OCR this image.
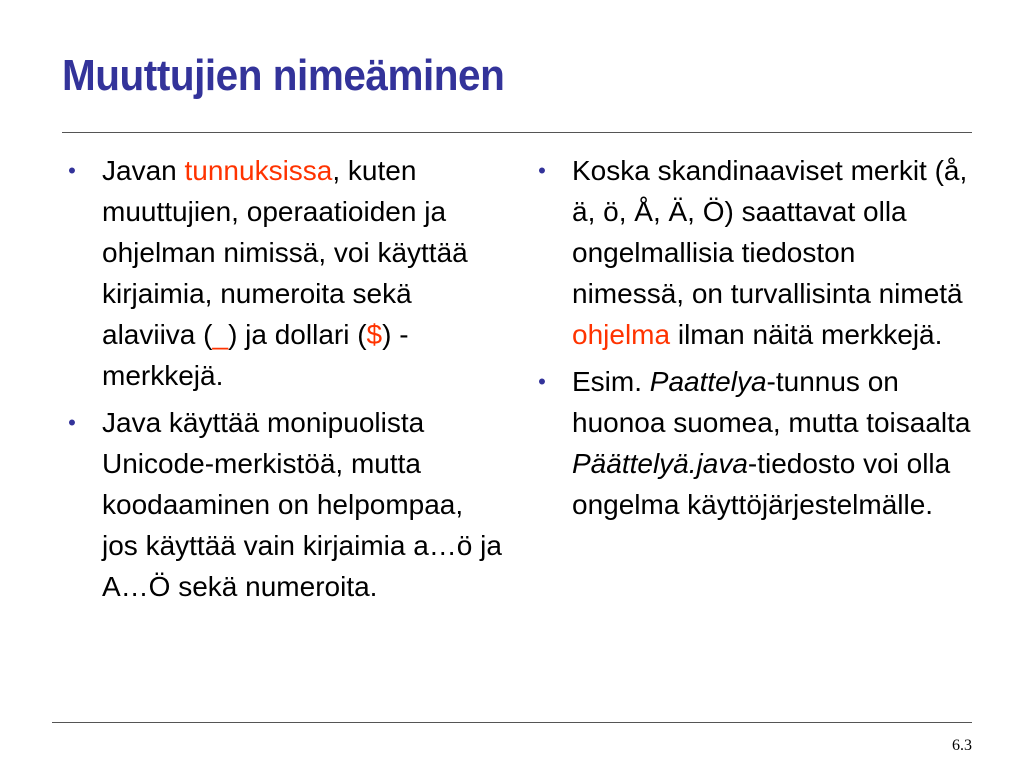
Muuttujien nimeäminen
• Javan tunnuksissa, kuten muuttujien, operaatioiden ja ohjelman nimissä, voi käyttää kirjaimia, numeroita sekä alaviiva (_) ja dollari ($) -merkkejä.
• Java käyttää monipuolista Unicode-merkistöä, mutta koodaaminen on helpompaa, jos käyttää vain kirjaimia a…ö ja A…Ö sekä numeroita.
• Koska skandinaaviset merkit (å, ä, ö, Å, Ä, Ö) saattavat olla ongelmallisia tiedoston nimessä, on turvallisinta nimetä ohjelma ilman näitä merkkejä.
• Esim. Paattelya-tunnus on huonoa suomea, mutta toisaalta Päättelyä.java-tiedosto voi olla ongelma käyttöjärjestelmälle.
6.3
